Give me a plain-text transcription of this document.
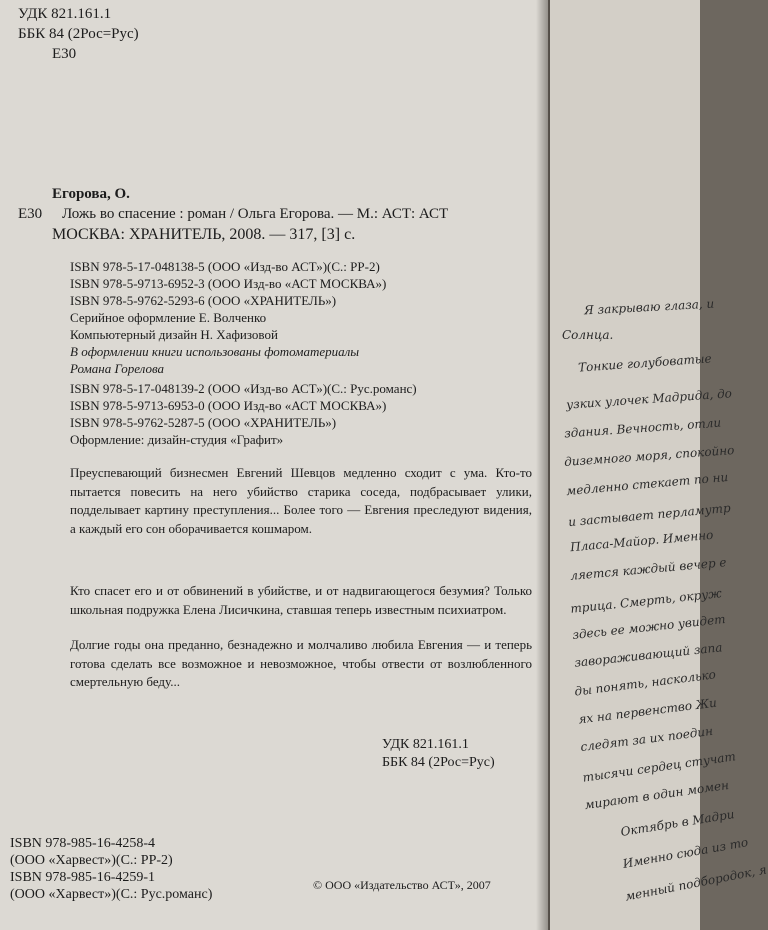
УДК 821.161.1
ББК 84 (2Рос=Рус)
Е30
Егорова, О.
Е30 Ложь во спасение : роман / Ольга Егорова. — М.: АСТ: АСТ
МОСКВА: ХРАНИТЕЛЬ, 2008. — 317, [3] с.
ISBN 978-5-17-048138-5 (ООО «Изд-во АСТ»)(С.: РР-2)
ISBN 978-5-9713-6952-3 (ООО Изд-во «АСТ МОСКВА»)
ISBN 978-5-9762-5293-6 (ООО «ХРАНИТЕЛЬ»)
Серийное оформление Е. Волченко
Компьютерный дизайн Н. Хафизовой
В оформлении книги использованы фотоматериалы
Романа Горелова
ISBN 978-5-17-048139-2 (ООО «Изд-во АСТ»)(С.: Рус.романс)
ISBN 978-5-9713-6953-0 (ООО Изд-во «АСТ МОСКВА»)
ISBN 978-5-9762-5287-5 (ООО «ХРАНИТЕЛЬ»)
Оформление: дизайн-студия «Графит»

Преуспевающий бизнесмен Евгений Шевцов медленно сходит с ума. Кто-то пытается повесить на него убийство старика соседа, подбрасывает улики, подделывает картину преступления... Более того — Евгения преследуют видения, а каждый его сон оборачивается кошмаром.

Кто спасет его и от обвинений в убийстве, и от надвигающегося безумия? Только школьная подружка Елена Лисичкина, ставшая теперь известным психиатром.

Долгие годы она преданно, безнадежно и молчаливо любила Евгения — и теперь готова сделать все возможное и невозможное, чтобы отвести от возлюбленного смертельную беду...

УДК 821.161.1
ББК 84 (2Рос=Рус)
ISBN 978-985-16-4258-4
(ООО «Харвест»)(С.: РР-2)
ISBN 978-985-16-4259-1
(ООО «Харвест»)(С.: Рус.романс)
© ООО «Издательство АСТ», 2007
Я закрываю глаза, и
Солнца.
Тонкие голубоватые
узких улочек Мадрида, до
здания. Вечность, отли
диземного моря, спокойно
медленно стекает по ни
и застывает перламутр
Пласа-Майор. Именно
ляется каждый вечер е
трица. Смерть, окруж
здесь ее можно увидет
завораживающий запа
ды понять, насколько
ях на первенство Жи
следят за их поедин
тысячи сердец стучат
мирают в один момен
Октябрь в Мадри
Именно сюда из то
менный подбородок, я
